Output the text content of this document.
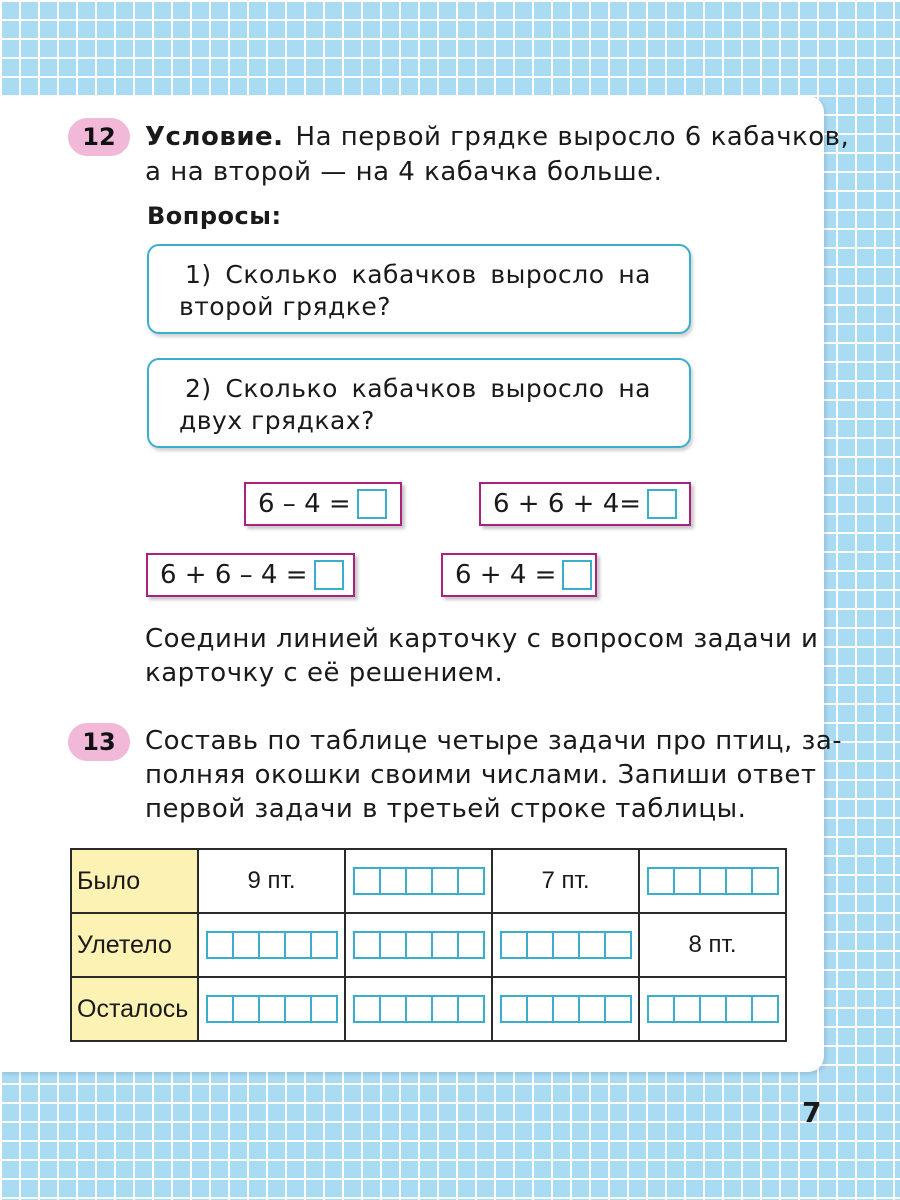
12 Условие. На первой грядке выросло 6 кабачков,
а на второй — на 4 кабачка больше.
Вопросы:
1) Сколько кабачков выросло на
второй грядке?
2) Сколько кабачков выросло на
двух грядках?
6 – 4 =	6 + 6 + 4=
6 + 6 – 4 =	6 + 4 =
Соедини линией карточку с вопросом задачи и
карточку с её решением.
13 Составь по таблице четыре задачи про птиц, за-
полняя окошки своими числами. Запиши ответ
первой задачи в третьей строке таблицы.
Было	9 пт.		7 пт.	

Улетело				8 пт.
Осталось	

7
